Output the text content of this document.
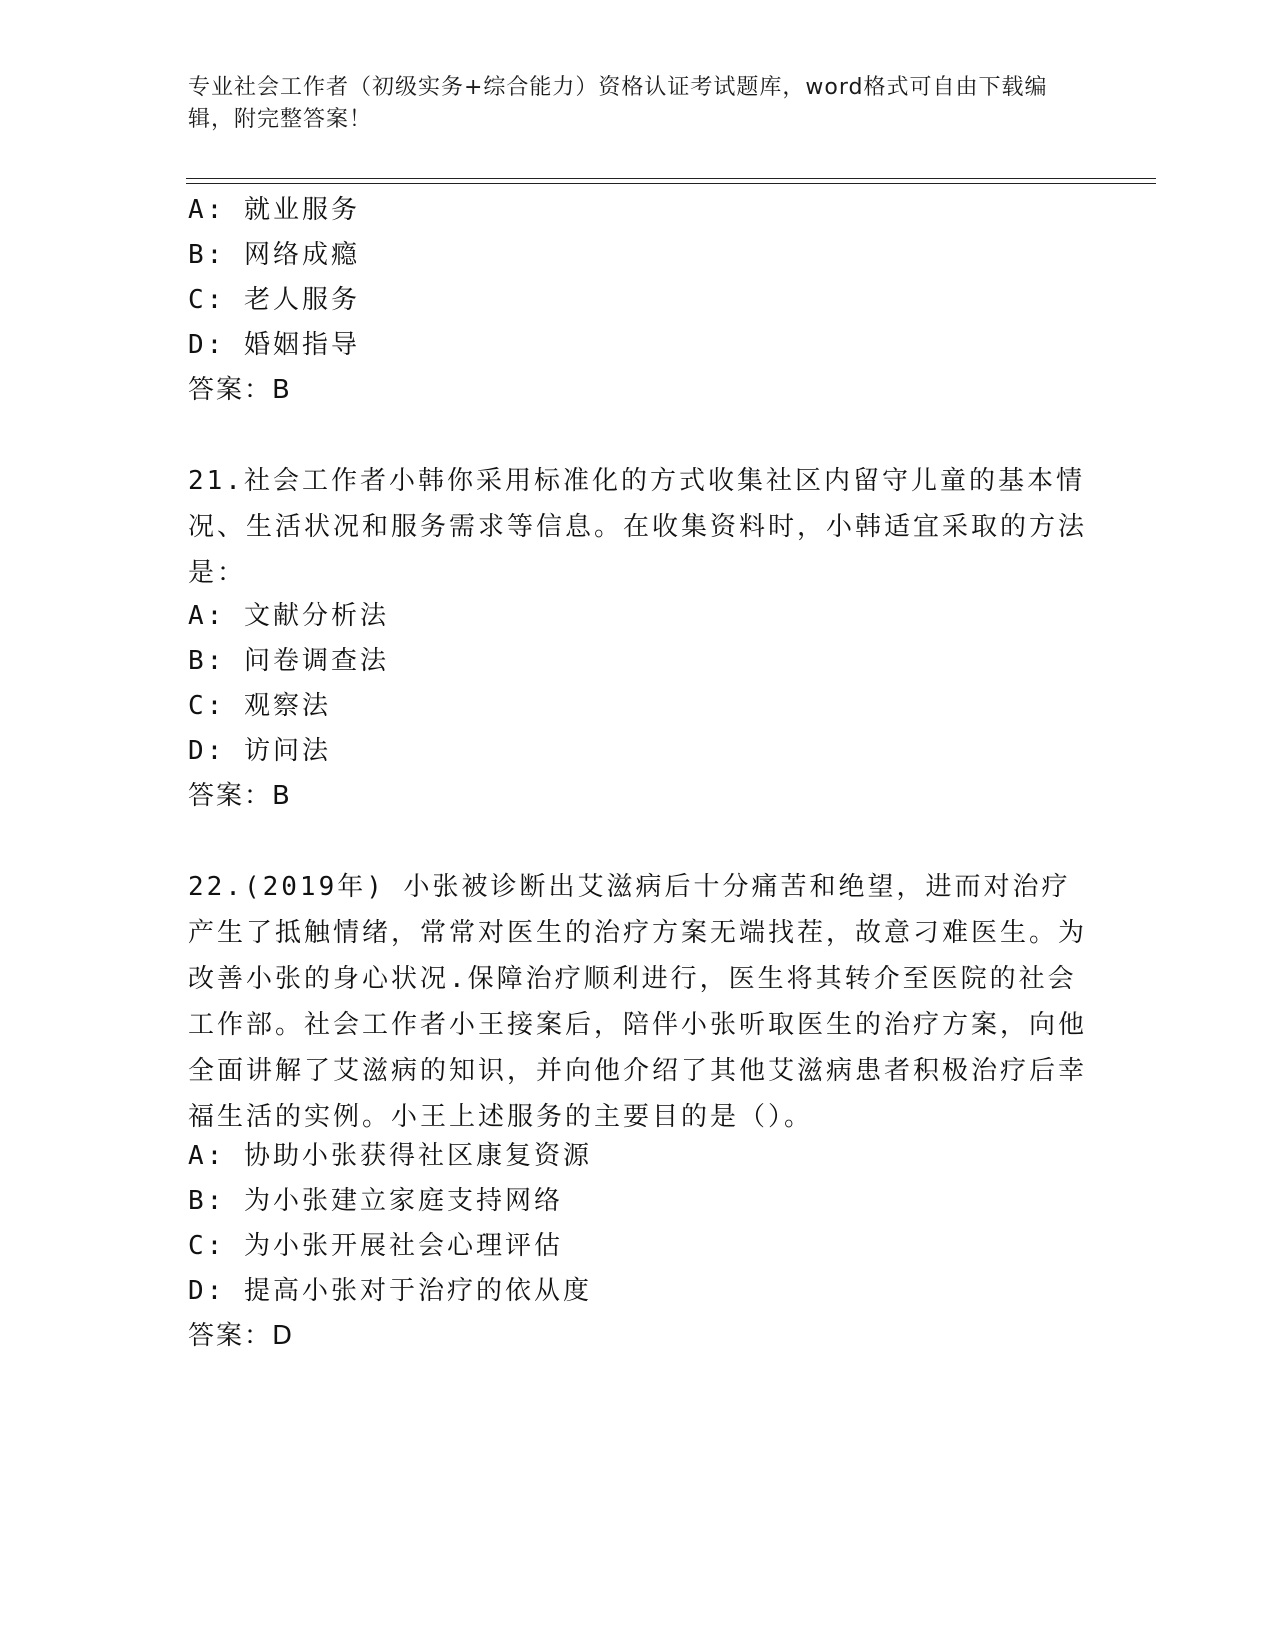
专业社会工作者（初级实务+综合能力）资格认证考试题库，word格式可自由下载编辑，附完整答案！
A: 就业服务
B: 网络成瘾
C: 老人服务
D: 婚姻指导
答案：B
21.社会工作者小韩你采用标准化的方式收集社区内留守儿童的基本情况、生活状况和服务需求等信息。在收集资料时，小韩适宜采取的方法是：
A: 文献分析法
B: 问卷调查法
C: 观察法
D: 访问法
答案：B
22.(2019年) 小张被诊断出艾滋病后十分痛苦和绝望，进而对治疗产生了抵触情绪，常常对医生的治疗方案无端找茬，故意刁难医生。为改善小张的身心状况.保障治疗顺利进行，医生将其转介至医院的社会工作部。社会工作者小王接案后，陪伴小张听取医生的治疗方案，向他全面讲解了艾滋病的知识，并向他介绍了其他艾滋病患者积极治疗后幸福生活的实例。小王上述服务的主要目的是（）。
A: 协助小张获得社区康复资源
B: 为小张建立家庭支持网络
C: 为小张开展社会心理评估
D: 提高小张对于治疗的依从度
答案：D
